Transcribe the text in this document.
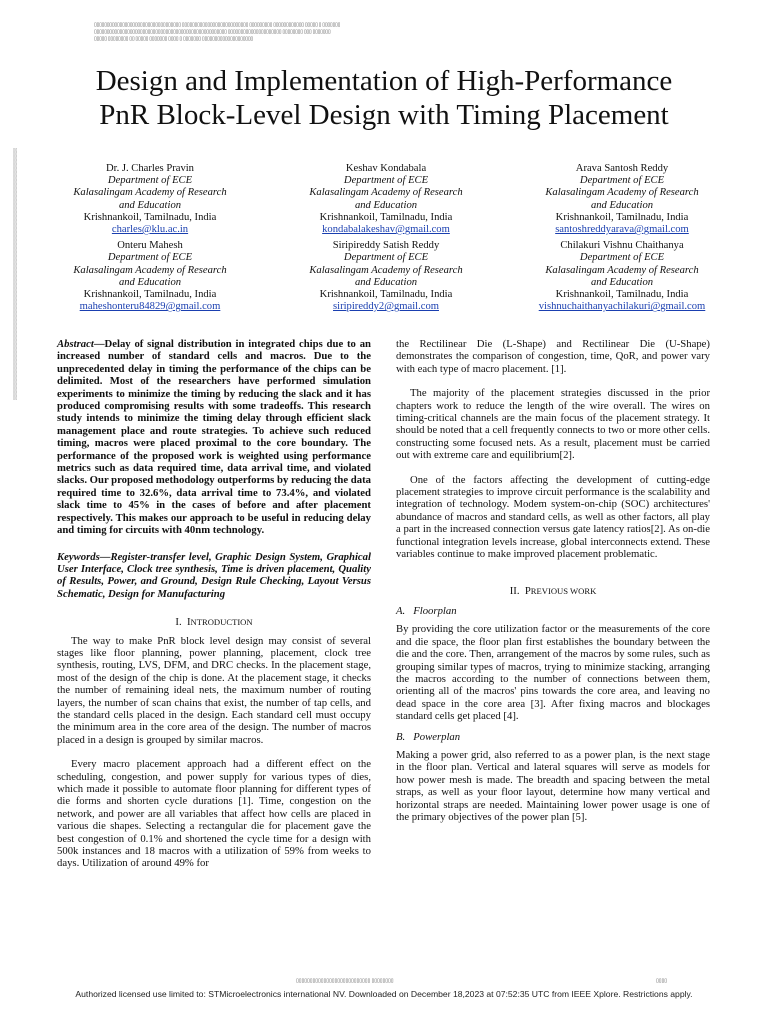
▯▯▯▯▯▯▯▯▯▯▯▯▯▯▯▯▯▯▯▯▯▯▯▯▯▯▯▯▯▯▯▯▯▯ ▯▯▯▯▯▯▯▯▯▯▯▯▯▯▯▯▯▯▯▯▯▯▯▯▯▯ ▯▯▯▯▯▯▯▯▯ ▯▯▯▯▯▯▯▯▯▯▯▯ ▯▯▯▯▯ ▯ ▯▯▯▯▯▯▯
▯▯▯▯▯▯▯▯▯▯▯▯▯▯▯▯▯▯▯▯▯▯▯▯▯▯▯▯▯▯▯▯▯▯▯▯▯▯▯▯▯▯▯▯▯▯▯▯▯▯▯▯ ▯▯▯▯▯▯▯▯▯▯▯▯▯▯▯▯▯▯▯▯▯ ▯▯▯▯▯▯▯▯ ▯▯▯ ▯▯▯▯▯▯▯
▯▯▯▯▯ ▯▯▯▯▯▯▯▯ ▯▯ ▯▯▯▯▯ ▯▯▯▯▯▯▯ ▯▯▯▯ ▯ ▯▯▯▯▯▯▯ ▯▯▯▯▯▯▯▯▯▯▯▯▯▯▯▯▯▯▯▯
▯▯▯▯▯▯▯▯▯▯▯▯▯▯▯▯▯▯▯▯▯▯▯▯▯▯▯▯▯▯▯▯▯▯▯▯▯▯▯▯▯▯▯▯▯▯▯▯▯▯▯▯▯▯▯▯▯▯▯▯▯▯▯▯▯▯▯▯▯▯▯▯▯▯▯▯▯▯▯▯▯▯▯▯▯▯▯▯▯▯▯▯▯▯▯▯▯▯▯▯▯▯▯▯▯▯▯▯▯▯▯▯▯▯▯▯▯▯▯▯▯▯▯▯▯▯
Design and Implementation of High-Performance
PnR Block-Level Design with Timing Placement
Dr. J. Charles Pravin
Department of ECE
Kalasalingam Academy of Research
and Education
Krishnankoil, Tamilnadu, India
charles@klu.ac.in
Keshav Kondabala
Department of ECE
Kalasalingam Academy of Research
and Education
Krishnankoil, Tamilnadu, India
kondabalakeshav@gmail.com
Arava Santosh Reddy
Department of ECE
Kalasalingam Academy of Research
and Education
Krishnankoil, Tamilnadu, India
santoshreddyarava@gmail.com
Onteru Mahesh
Department of ECE
Kalasalingam Academy of Research
and Education
Krishnankoil, Tamilnadu, India
maheshonteru84829@gmail.com
Siripireddy Satish Reddy
Department of ECE
Kalasalingam Academy of Research
and Education
Krishnankoil, Tamilnadu, India
siripireddy2@gmail.com
Chilakuri Vishnu Chaithanya
Department of ECE
Kalasalingam Academy of Research
and Education
Krishnankoil, Tamilnadu, India
vishnuchaithanyachilakuri@gmail.com

Abstract—Delay of signal distribution in integrated chips due to an increased number of standard cells and macros. Due to the unprecedented delay in timing the performance of the chips can be delimited. Most of the researchers have performed simulation experiments to minimize the timing by reducing the slack and it has produced compromising results with some tradeoffs. This research study intends to minimize the timing delay through efficient slack management place and route strategies. To achieve such reduced timing, macros were placed proximal to the core boundary. The performance of the proposed work is weighted using performance metrics such as data required time, data arrival time, and violated slacks. Our proposed methodology outperforms by reducing the data required time to 32.6%, data arrival time to 73.4%, and violated slack time to 45% in the cases of before and after placement respectively. This makes our approach to be useful in reducing delay and timing for circuits with 40nm technology.

Keywords—Register-transfer level, Graphic Design System, Graphical User Interface, Clock tree synthesis, Time is driven placement, Quality of Results, Power, and Ground, Design Rule Checking, Layout Versus Schematic, Design for Manufacturing

I. INTRODUCTION

The way to make PnR block level design may consist of several stages like floor planning, power planning, placement, clock tree synthesis, routing, LVS, DFM, and DRC checks. In the placement stage, most of the design of the chip is done. At the placement stage, it checks the number of remaining ideal nets, the maximum number of routing layers, the number of scan chains that exist, the number of tap cells, and the standard cells placed in the design. Each standard cell must occupy the minimum area in the core area of the design. The number of macros placed in a design is grouped by similar macros.

Every macro placement approach had a different effect on the scheduling, congestion, and power supply for various types of dies, which made it possible to automate floor planning for different types of die forms and shorten cycle durations [1]. Time, congestion on the network, and power are all variables that affect how cells are placed in various die shapes. Selecting a rectangular die for placement gave the best congestion of 0.1% and shortened the cycle time for a design with 500k instances and 18 macros with a utilization of 59% from weeks to days. Utilization of around 49% for

the Rectilinear Die (L-Shape) and Rectilinear Die (U-Shape) demonstrates the comparison of congestion, time, QoR, and power vary with each type of macro placement. [1].

The majority of the placement strategies discussed in the prior chapters work to reduce the length of the wire overall. The wires on timing-critical channels are the main focus of the placement strategy. It should be noted that a cell frequently connects to two or more other cells. constructing some focused nets. As a result, placement must be carried out with extreme care and equilibrium[2].

One of the factors affecting the development of cutting-edge placement strategies to improve circuit performance is the scalability and integration of technology. Modem system-on-chip (SOC) architectures' abundance of macros and standard cells, as well as other factors, all play a part in the increased connection versus gate latency ratios[2]. As on-die functional integration levels increase, global interconnects extend. These variables continue to make improved placement problematic.

II. PREVIOUS WORK

A. Floorplan

By providing the core utilization factor or the measurements of the core and die space, the floor plan first establishes the boundary between the die and the core. Then, arrangement of the macros by some rules, such as grouping similar types of macros, trying to minimize stacking, arranging the macros according to the number of connections between them, orienting all of the macros' pins towards the core area, and leaving no dead space in the core area [3]. After fixing macros and blockages standard cells get placed [4].

B. Powerplan

Making a power grid, also referred to as a power plan, is the next stage in the floor plan. Vertical and lateral squares will serve as models for how power mesh is made. The breadth and spacing between the metal straps, as well as your floor layout, determine how many vertical and horizontal straps are needed. Maintaining lower power usage is one of the primary objectives of the power plan [5].

▯▯▯▯▯▯▯▯▯▯▯▯▯▯▯▯▯▯▯▯▯▯▯▯▯▯▯ ▯▯▯▯▯▯▯▯	▯▯▯▯
Authorized licensed use limited to: STMicroelectronics international NV. Downloaded on December 18,2023 at 07:52:35 UTC from IEEE Xplore. Restrictions apply.
